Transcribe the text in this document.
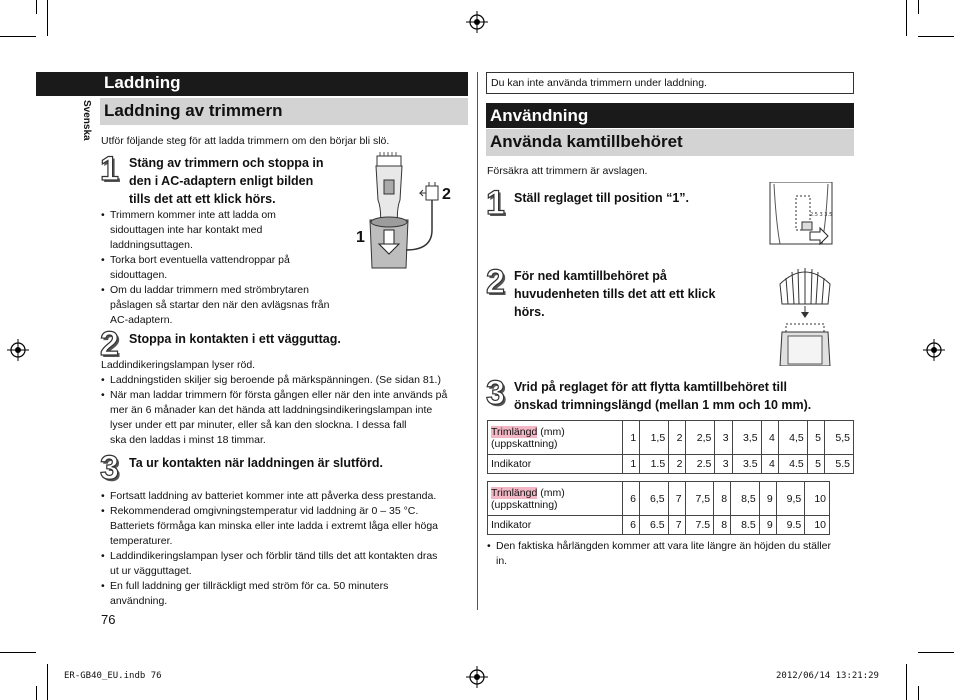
Svenska
Laddning
Laddning av trimmern
Utför följande steg för att ladda trimmern om den börjar bli slö.
1 Stäng av trimmern och stoppa in
den i AC-adaptern enligt bilden
tills det att ett klick hörs.
• Trimmern kommer inte att ladda om
sidouttagen inte har kontakt med
laddningsuttagen.
• Torka bort eventuella vattendroppar på
sidouttagen.
• Om du laddar trimmern med strömbrytaren
påslagen så startar den när den avlägsnas från
AC-adaptern.
2
1
2 Stoppa in kontakten i ett vägguttag.
Laddindikeringslampan lyser röd.
• Laddningstiden skiljer sig beroende på märkspänningen. (Se sidan 81.)
• När man laddar trimmern för första gången eller när den inte används på
mer än 6 månader kan det hända att laddningsindikeringslampan inte
lyser under ett par minuter, eller så kan den slockna. I dessa fall
ska den laddas i minst 18 timmar.
3 Ta ur kontakten när laddningen är slutförd.
• Fortsatt laddning av batteriet kommer inte att påverka dess prestanda.
• Rekommenderad omgivningstemperatur vid laddning är 0 – 35 °C.
Batteriets förmåga kan minska eller inte ladda i extremt låga eller höga
temperaturer.
• Laddindikeringslampan lyser och förblir tänd tills det att kontakten dras
ut ur vägguttaget.
• En full laddning ger tillräckligt med ström för ca. 50 minuters
användning.
76
Du kan inte använda trimmern under laddning.
Användning
Använda kamtillbehöret
Försäkra att trimmern är avslagen.
1 Ställ reglaget till position “1”.
2.5 3 3.5
2 För ned kamtillbehöret på
huvudenheten tills det att ett klick
hörs.
3 Vrid på reglaget för att flytta kamtillbehöret till
önskad trimningslängd (mellan 1 mm och 10 mm).
Trimlängd (mm)
(uppskattning)	1	1,5	2	2,5	3	3,5	4	4,5	5	5,5
Indikator	1	1.5	2	2.5	3	3.5	4	4.5	5	5.5
Trimlängd (mm)
(uppskattning)	6	6,5	7	7,5	8	8,5	9	9,5	10
Indikator	6	6.5	7	7.5	8	8.5	9	9.5	10
• Den faktiska hårlängden kommer att vara lite längre än höjden du ställer
in.
ER-GB40_EU.indb 76	2012/06/14 13:21:29
